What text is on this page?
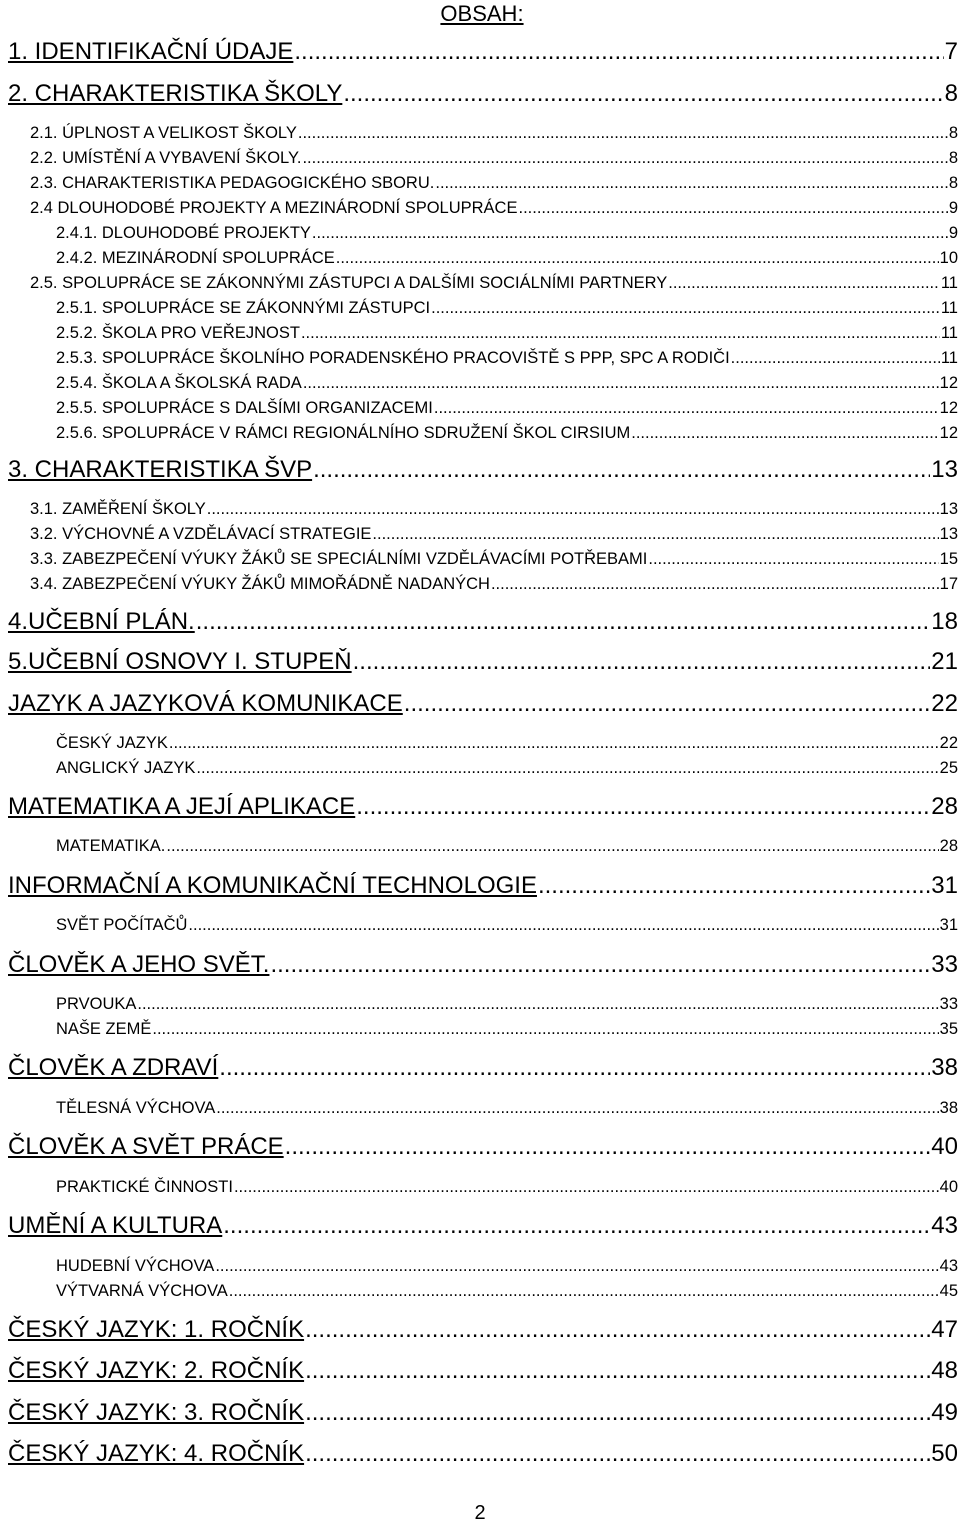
OBSAH:
1. IDENTIFIKAČNÍ ÚDAJE .....	7
2. CHARAKTERISTIKA ŠKOLY .....	8
2.1. ÚPLNOST A VELIKOST ŠKOLY .....	8
2.2. UMÍSTĚNÍ A VYBAVENÍ ŠKOLY. .....	8
2.3. CHARAKTERISTIKA PEDAGOGICKÉHO SBORU. .....	8
2.4 DLOUHODOBÉ PROJEKTY A MEZINÁRODNÍ SPOLUPRÁCE .....	9
2.4.1. DLOUHODOBÉ PROJEKTY .....	9
2.4.2. MEZINÁRODNÍ SPOLUPRÁCE .....	10
2.5. SPOLUPRÁCE SE ZÁKONNÝMI ZÁSTUPCI A DALŠÍMI SOCIÁLNÍMI PARTNERY .....	11
2.5.1. SPOLUPRÁCE SE ZÁKONNÝMI ZÁSTUPCI .....	11
2.5.2. ŠKOLA PRO VEŘEJNOST .....	11
2.5.3. SPOLUPRÁCE ŠKOLNÍHO PORADENSKÉHO PRACOVIŠTĚ S PPP, SPC A RODIČI .....	11
2.5.4. ŠKOLA A ŠKOLSKÁ RADA .....	12
2.5.5. SPOLUPRÁCE S DALŠÍMI ORGANIZACEMI .....	12
2.5.6. SPOLUPRÁCE V RÁMCI REGIONÁLNÍHO SDRUŽENÍ ŠKOL CIRSIUM .....	12
3. CHARAKTERISTIKA ŠVP .....	13
3.1. ZAMĚŘENÍ ŠKOLY .....	13
3.2. VÝCHOVNÉ A VZDĚLÁVACÍ STRATEGIE .....	13
3.3. ZABEZPEČENÍ VÝUKY ŽÁKŮ SE SPECIÁLNÍMI VZDĚLÁVACÍMI POTŘEBAMI .....	15
3.4. ZABEZPEČENÍ VÝUKY ŽÁKŮ MIMOŘÁDNĚ NADANÝCH .....	17
4.UČEBNÍ PLÁN. .....	18
5.UČEBNÍ OSNOVY I. STUPEŇ .....	21
JAZYK A JAZYKOVÁ KOMUNIKACE .....	22
ČESKÝ JAZYK .....	22
ANGLICKÝ JAZYK .....	25
MATEMATIKA A JEJÍ APLIKACE .....	28
MATEMATIKA. .....	28
INFORMAČNÍ A KOMUNIKAČNÍ TECHNOLOGIE .....	31
SVĚT POČÍTAČŮ .....	31
ČLOVĚK A JEHO SVĚT. .....	33
PRVOUKA .....	33
NAŠE ZEMĚ .....	35
ČLOVĚK A ZDRAVÍ .....	38
TĚLESNÁ VÝCHOVA .....	38
ČLOVĚK A SVĚT PRÁCE .....	40
PRAKTICKÉ ČINNOSTI .....	40
UMĚNÍ A KULTURA .....	43
HUDEBNÍ VÝCHOVA .....	43
VÝTVARNÁ VÝCHOVA .....	45
ČESKÝ JAZYK: 1. ROČNÍK .....	47
ČESKÝ JAZYK: 2. ROČNÍK .....	48
ČESKÝ JAZYK: 3. ROČNÍK .....	49
ČESKÝ JAZYK: 4. ROČNÍK .....	50
2
